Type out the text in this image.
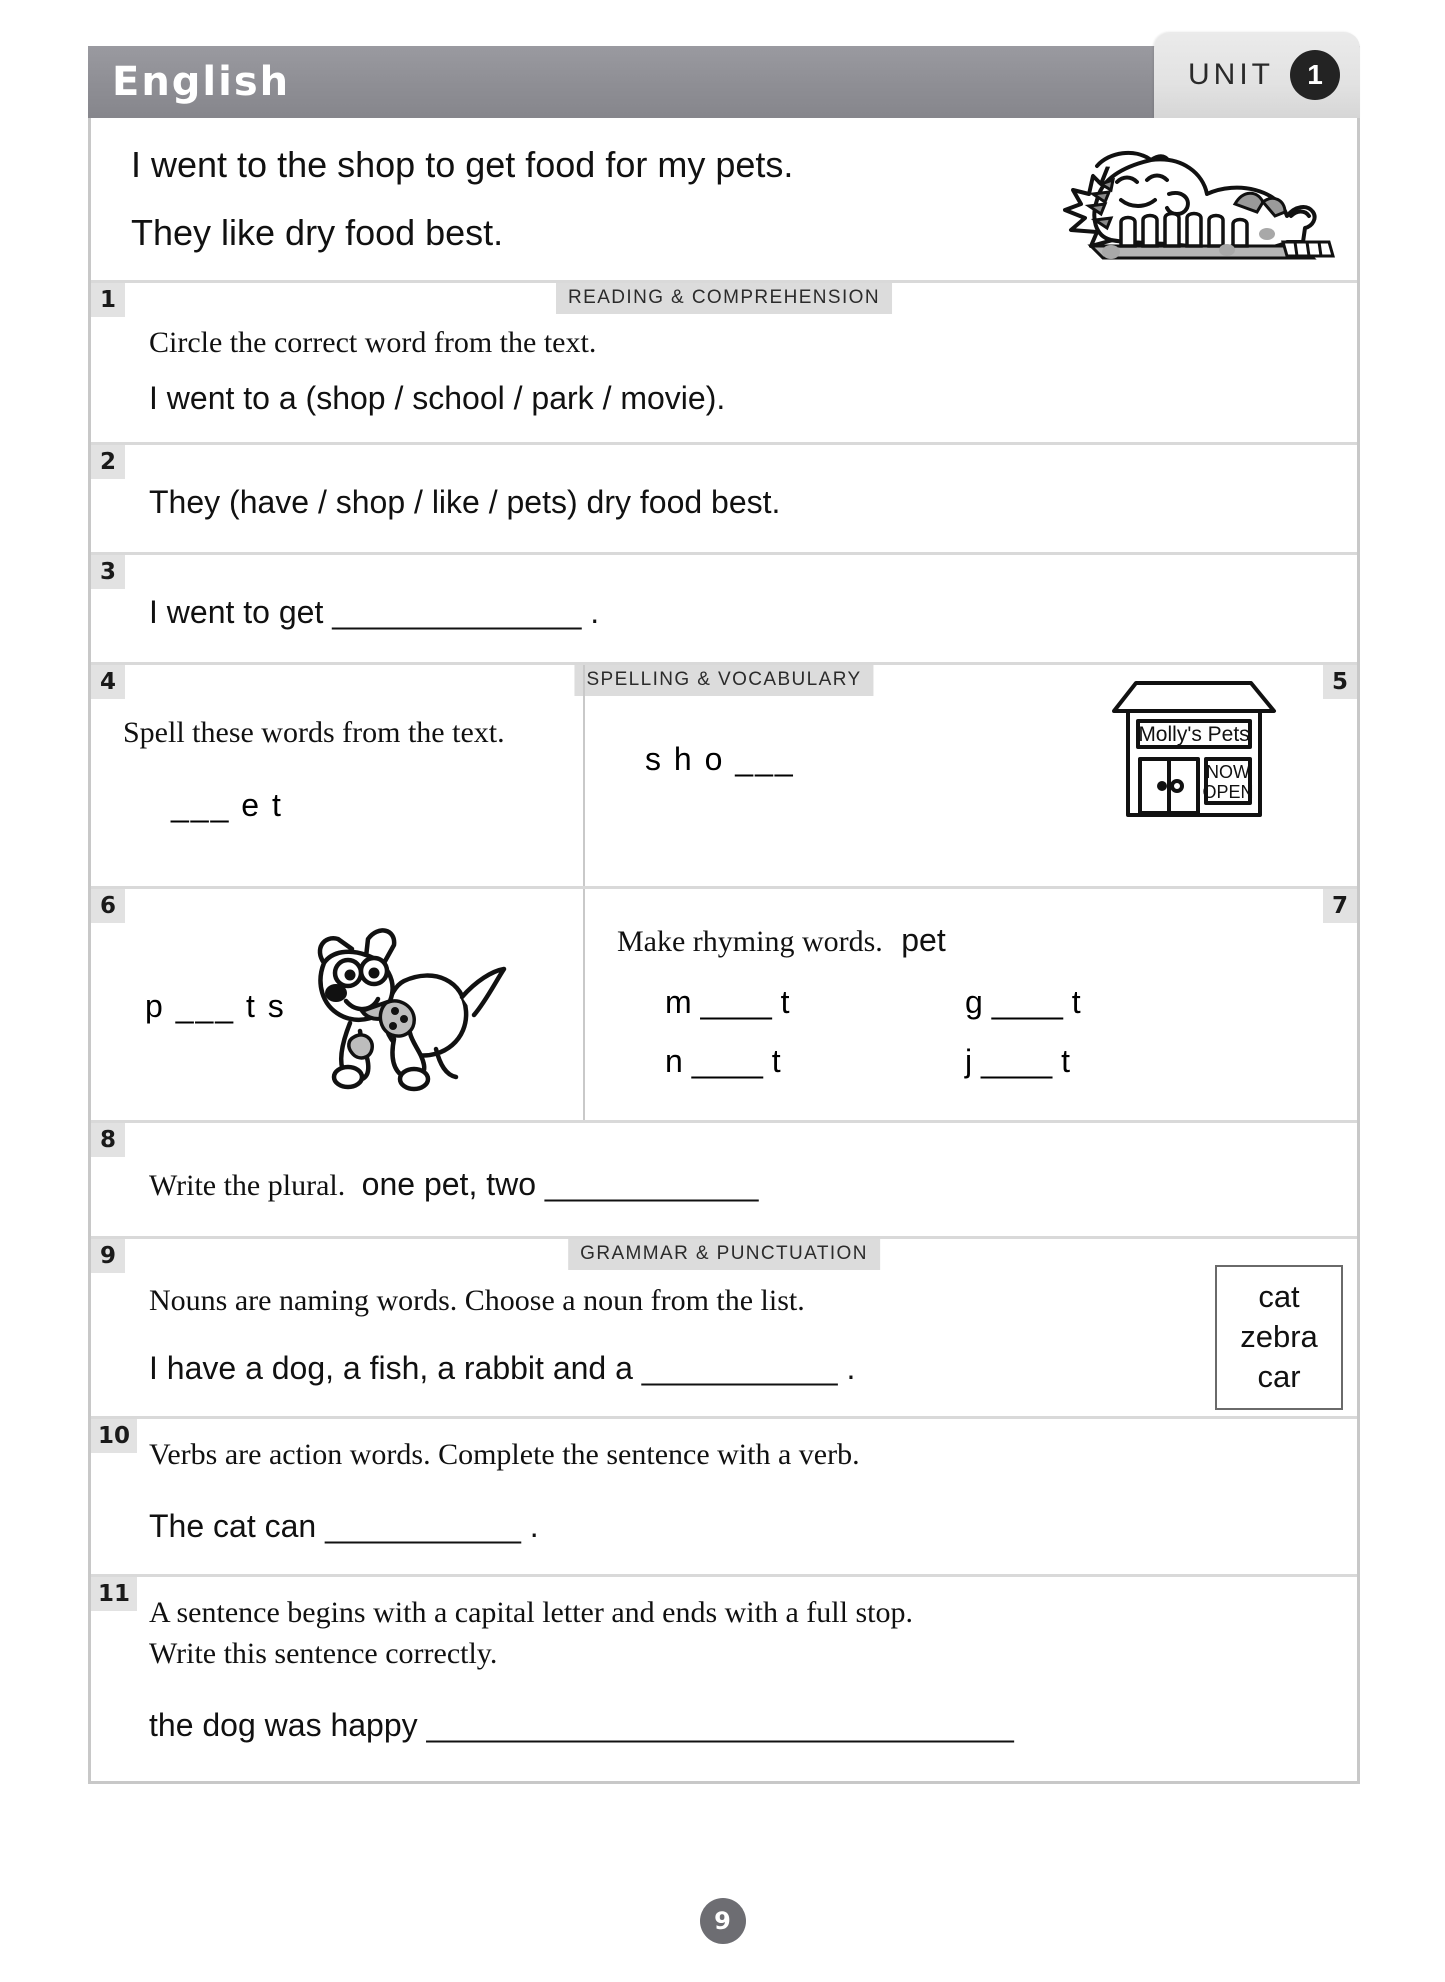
English	UNIT	1

I went to the shop to get food for my pets.

They like dry food best.

1	READING & COMPREHENSION

Circle the correct word from the text.

I went to a (shop / school / park / movie).

2

They (have / shop / like / pets) dry food best.

3

I went to get ______________ .

4	5
SPELLING & VOCABULARY

Spell these words from the text.

___ e t

s h o ___

Molly's Pets
NOW
OPEN
6	7
p ___ t s

Make rhyming words. pet

m ____ t	g ____ t
n ____ t	j ____ t
8

Write the plural. one pet, two ____________

9	GRAMMAR & PUNCTUATION

Nouns are naming words. Choose a noun from the list.

I have a dog, a fish, a rabbit and a ___________ .

cat
zebra
car
10

Verbs are action words. Complete the sentence with a verb.

The cat can ___________ .

11

A sentence begins with a capital letter and ends with a full stop.

Write this sentence correctly.

the dog was happy _________________________________

9
